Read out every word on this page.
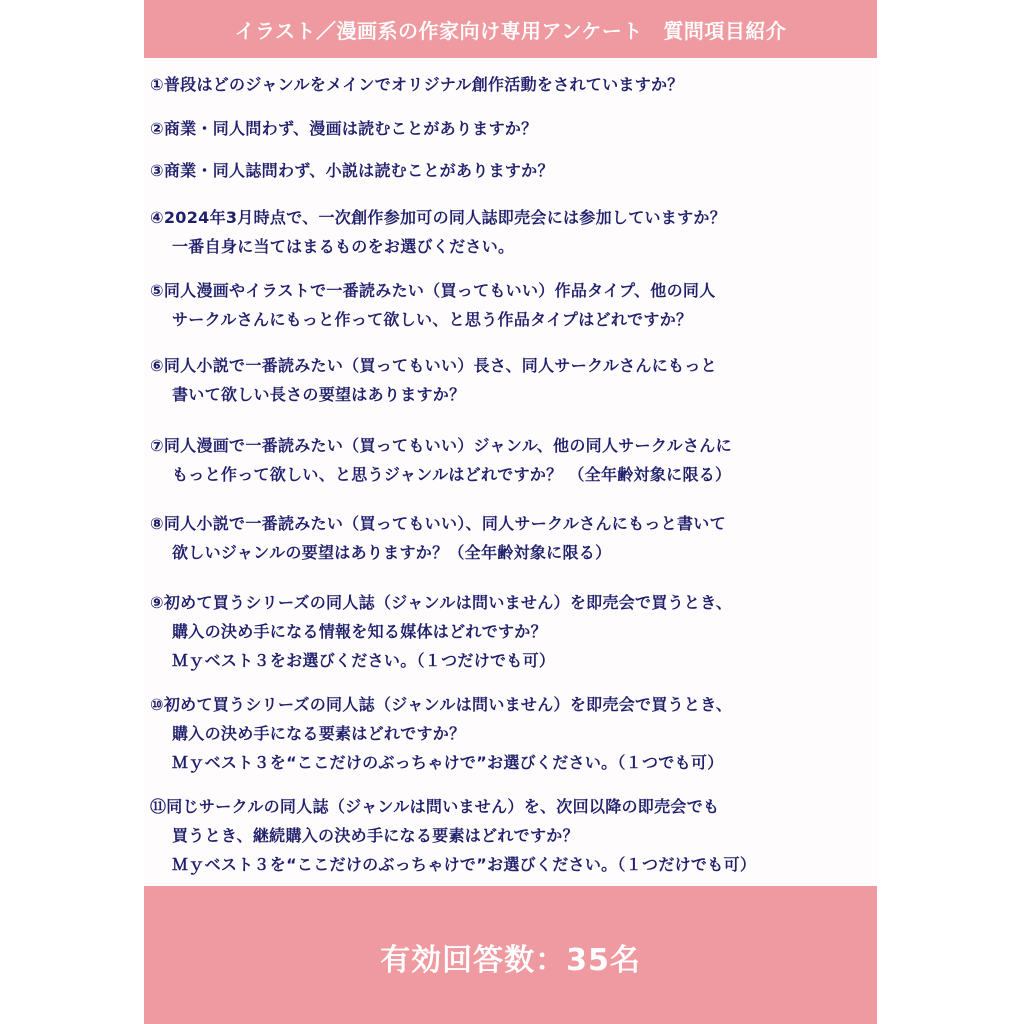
イラスト／漫画系の作家向け専用アンケート　質問項目紹介
①普段はどのジャンルをメインでオリジナル創作活動をされていますか？
②商業・同人問わず、漫画は読むことがありますか？
③商業・同人誌問わず、小説は読むことがありますか？
④2024年3月時点で、一次創作参加可の同人誌即売会には参加していますか？
一番自身に当てはまるものをお選びください。
⑤同人漫画やイラストで一番読みたい（買ってもいい）作品タイプ、他の同人
サークルさんにもっと作って欲しい、と思う作品タイプはどれですか？
⑥同人小説で一番読みたい（買ってもいい）長さ、同人サークルさんにもっと
書いて欲しい長さの要望はありますか？
⑦同人漫画で一番読みたい（買ってもいい）ジャンル、他の同人サークルさんに
もっと作って欲しい、と思うジャンルはどれですか？ （全年齢対象に限る）
⑧同人小説で一番読みたい（買ってもいい）、同人サークルさんにもっと書いて
欲しいジャンルの要望はありますか？（全年齢対象に限る）
⑨初めて買うシリーズの同人誌（ジャンルは問いません）を即売会で買うとき、
購入の決め手になる情報を知る媒体はどれですか？
Ｍｙベスト３をお選びください。（１つだけでも可）
⑩初めて買うシリーズの同人誌（ジャンルは問いません）を即売会で買うとき、
購入の決め手になる要素はどれですか？
Ｍｙベスト３を“ここだけのぶっちゃけで”お選びください。（１つでも可）
⑪同じサークルの同人誌（ジャンルは問いません）を、次回以降の即売会でも
買うとき、継続購入の決め手になる要素はどれですか？
Ｍｙベスト３を“ここだけのぶっちゃけで”お選びください。（１つだけでも可）
有効回答数：35名
